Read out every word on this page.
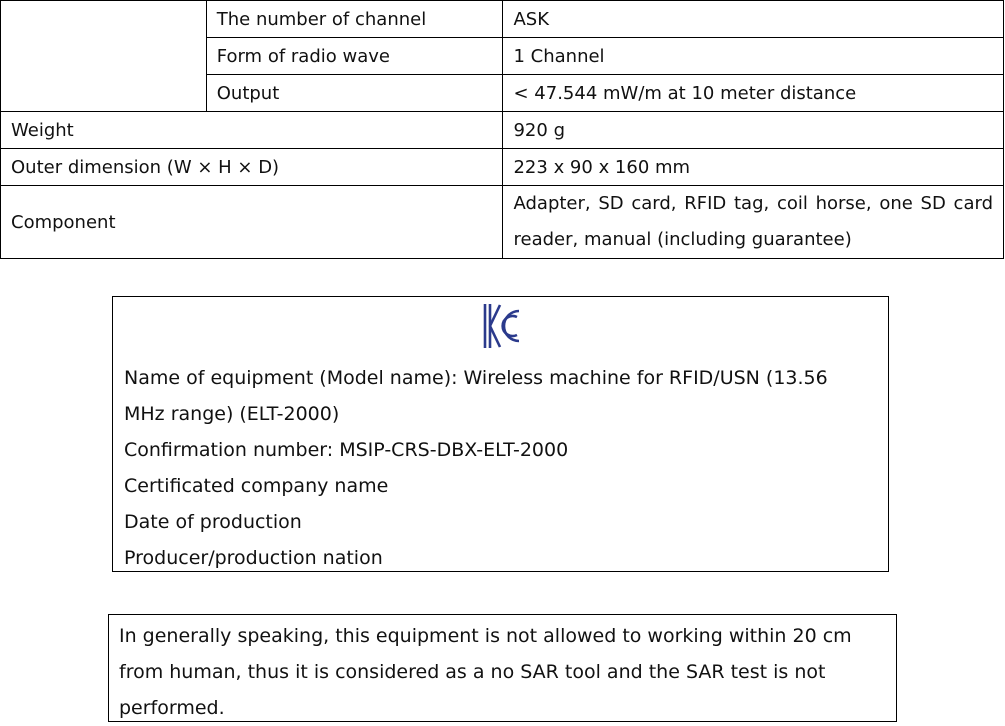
	The number of channel	ASK
	Form of radio wave	1 Channel
	Output	< 47.544 mW/m at 10 meter distance
Weight		920 g
Outer dimension (W × H × D)		223 x 90 x 160 mm
Component		Adapter, SD card, RFID tag, coil horse, one SD card reader, manual (including guarantee)
Name of equipment (Model name): Wireless machine for RFID/USN (13.56 MHz range) (ELT-2000)
Confirmation number: MSIP-CRS-DBX-ELT-2000
Certificated company name
Date of production
Producer/production nation
In generally speaking, this equipment is not allowed to working within 20 cm from human, thus it is considered as a no SAR tool and the SAR test is not performed.
